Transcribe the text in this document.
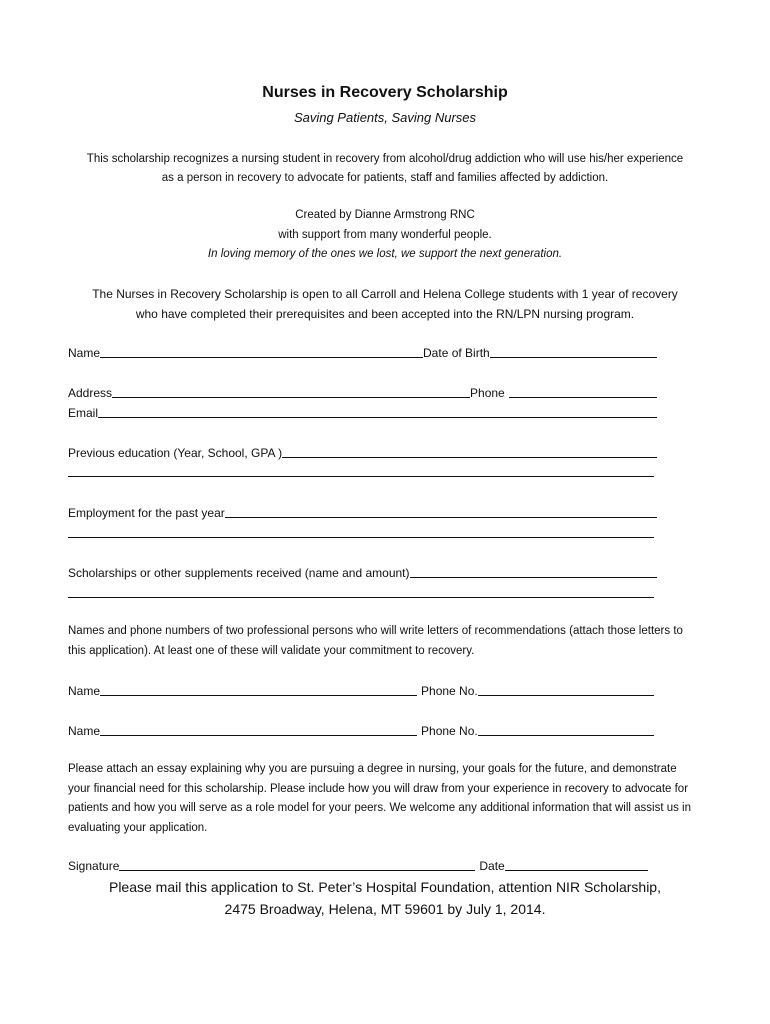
Nurses in Recovery Scholarship
Saving Patients, Saving Nurses
This scholarship recognizes a nursing student in recovery from alcohol/drug addiction who will use his/her experience
as a person in recovery to advocate for patients, staff and families affected by addiction.
Created by Dianne Armstrong RNC
with support from many wonderful people.
In loving memory of the ones we lost, we support the next generation.
The Nurses in Recovery Scholarship is open to all Carroll and Helena College students with 1 year of recovery
who have completed their prerequisites and been accepted into the RN/LPN nursing program.
Name	Date of Birth
Address	Phone
Email
Previous education (Year, School, GPA )
Employment for the past year
Scholarships or other supplements received (name and amount)
Names and phone numbers of two professional persons who will write letters of recommendations (attach those letters to this application). At least one of these will validate your commitment to recovery.
Name	Phone No.
Name	Phone No.
Please attach an essay explaining why you are pursuing a degree in nursing, your goals for the future, and demonstrate your financial need for this scholarship. Please include how you will draw from your experience in recovery to advocate for patients and how you will serve as a role model for your peers. We welcome any additional information that will assist us in evaluating your application.
Signature	Date
Please mail this application to St. Peter’s Hospital Foundation, attention NIR Scholarship,
2475 Broadway, Helena, MT 59601 by July 1, 2014.
